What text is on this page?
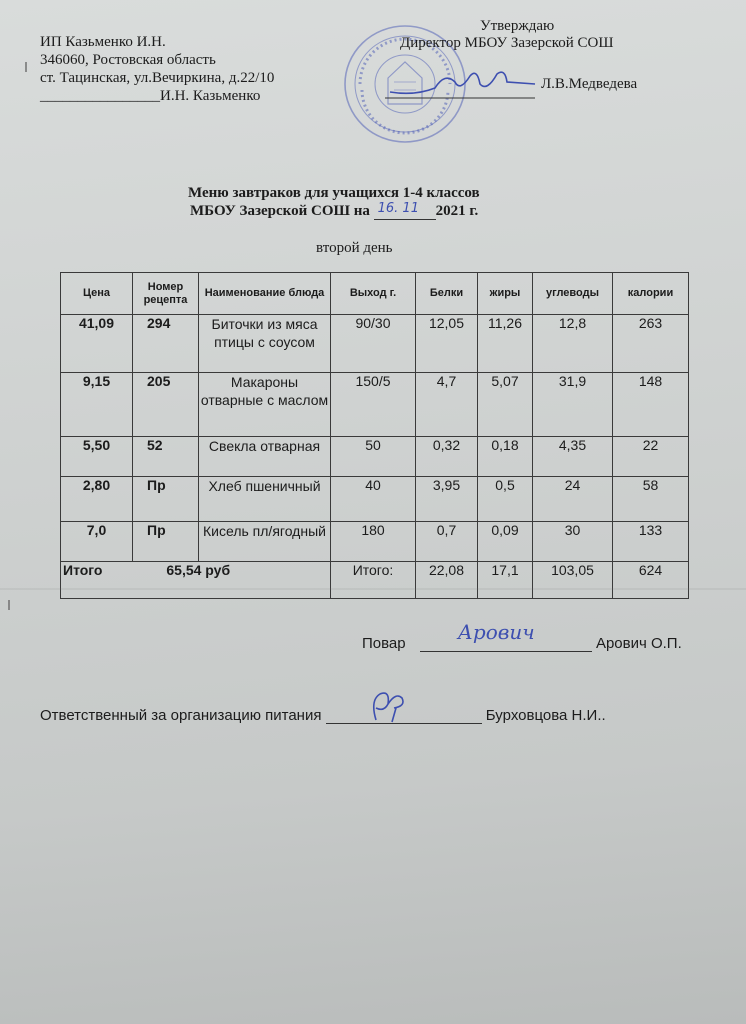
ИП Казьменко И.Н.
346060, Ростовская область
ст. Тацинская, ул.Вечиркина, д.22/10
________________И.Н. Казьменко
Утверждаю
Директор МБОУ Зазерской СОШ
Л.В.Медведева
Меню завтраков для учащихся 1-4 классов
МБОУ Зазерской СОШ на 16. 11 2021 г.
второй день
Цена	Номер рецепта	Наименование блюда	Выход г.	Белки	жиры	углеводы	калории
41,09	294	Биточки из мяса птицы с соусом	90/30	12,05	11,26	12,8	263
9,15	205	Макароны отварные с маслом	150/5	4,7	5,07	31,9	148
5,50	52	Свекла отварная	50	0,32	0,18	4,35	22
2,80	Пр	Хлеб пшеничный	40	3,95	0,5	24	58
7,0	Пр	Кисель пл/ягодный	180	0,7	0,09	30	133
Итого 65,54 руб			Итого:	22,08	17,1	103,05	624
Повар	Арович	Арович О.П.
Ответственный за организацию питания	Бурховцова Н.И..
